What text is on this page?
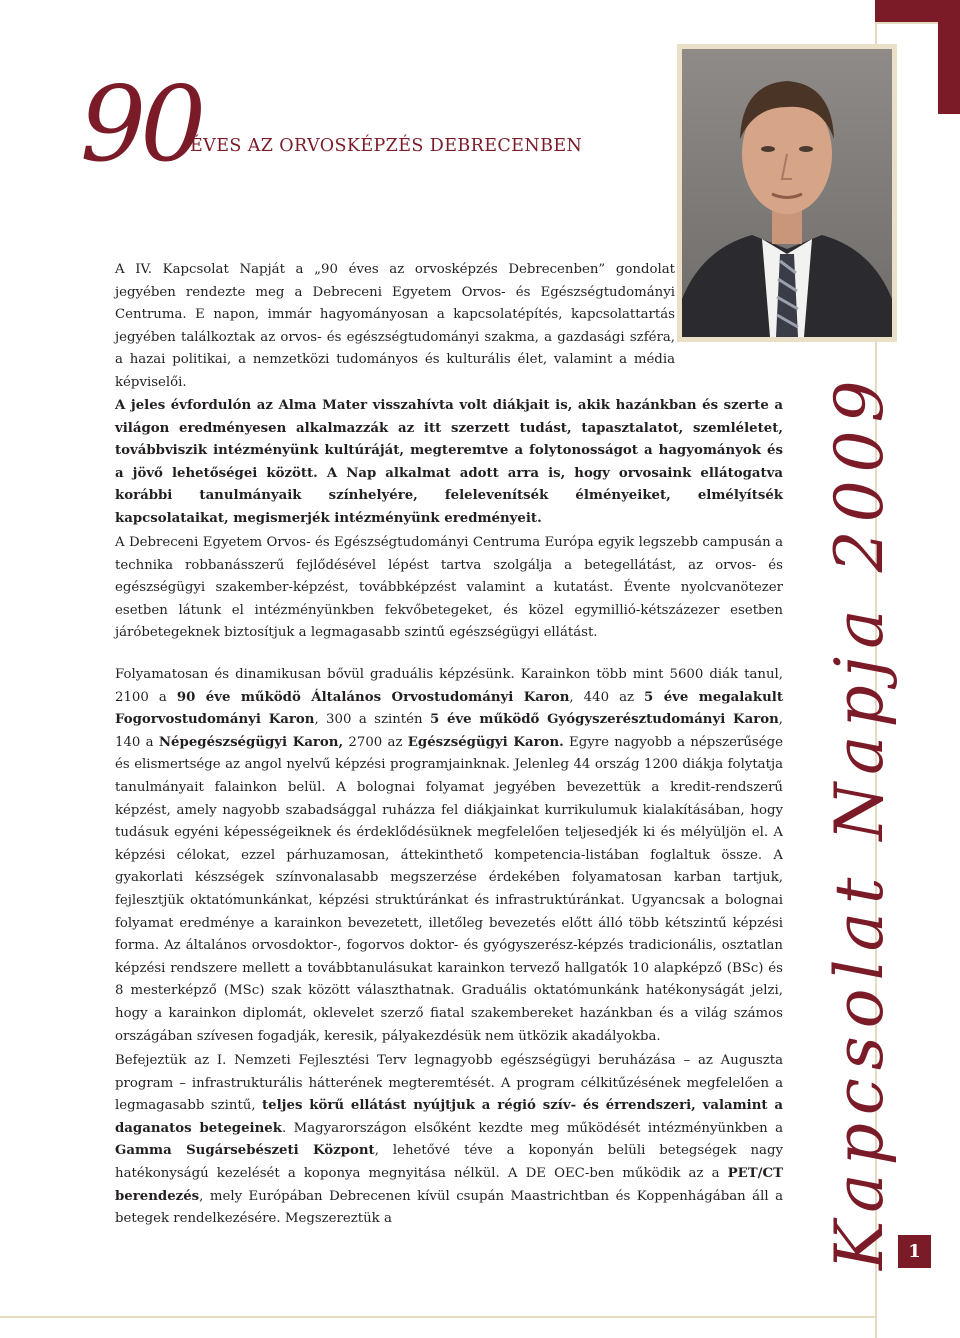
90
ÉVES AZ ORVOSKÉPZÉS DEBRECENBEN

A IV. Kapcsolat Napját a „90 éves az orvosképzés Debrecenben” gondolat jegyében rendezte meg a Debreceni Egyetem Orvos- és Egészségtudományi Centruma. E napon, immár hagyományosan a kapcsolatépítés, kapcsolattartás jegyében találkoztak az orvos- és egészségtudományi szakma, a gazdasági szféra, a hazai politikai, a nemzetközi tudományos és kulturális élet, valamint a média képviselői.

A jeles évfordulón az Alma Mater visszahívta volt diákjait is, akik hazánkban és szerte a világon eredményesen alkalmazzák az itt szerzett tudást, tapasztalatot, szemléletet, továbbviszik intézményünk kultúráját, megteremtve a folytonosságot a hagyományok és a jövő lehetőségei között. A Nap alkalmat adott arra is, hogy orvosaink ellátogatva korábbi tanulmányaik színhelyére, felelevenítsék élményeiket, elmélyítsék kapcsolataikat, megismerjék intézményünk eredményeit.

A Debreceni Egyetem Orvos- és Egészségtudományi Centruma Európa egyik legszebb campusán a technika robbanásszerű fejlődésével lépést tartva szolgálja a betegellátást, az orvos- és egészségügyi szakember-képzést, továbbképzést valamint a kutatást. Évente nyolcvanötezer esetben látunk el intézményünkben fekvőbetegeket, és közel egymillió-kétszázezer esetben járóbetegeknek biztosítjuk a legmagasabb szintű egészségügyi ellátást.

Folyamatosan és dinamikusan bővül graduális képzésünk. Karainkon több mint 5600 diák tanul, 2100 a 90 éve működö Általános Orvostudományi Karon, 440 az 5 éve megalakult Fogorvostudományi Karon, 300 a szintén 5 éve működő Gyógyszerésztudományi Karon, 140 a Népegészségügyi Karon, 2700 az Egészségügyi Karon. Egyre nagyobb a népszerűsége és elismertsége az angol nyelvű képzési programjainknak. Jelenleg 44 ország 1200 diákja folytatja tanulmányait falainkon belül. A bolognai folyamat jegyében bevezettük a kredit-rendszerű képzést, amely nagyobb szabadsággal ruházza fel diákjainkat kurrikulumuk kialakításában, hogy tudásuk egyéni képességeiknek és érdeklődésüknek megfelelően teljesedjék ki és mélyüljön el. A képzési célokat, ezzel párhuzamosan, áttekinthető kompetencia-listában foglaltuk össze. A gyakorlati készségek színvonalasabb megszerzése érdekében folyamatosan karban tartjuk, fejlesztjük oktatómunkánkat, képzési struktúránkat és infrastruktúránkat. Ugyancsak a bolognai folyamat eredménye a karainkon bevezetett, illetőleg bevezetés előtt álló több kétszintű képzési forma. Az általános orvosdoktor-, fogorvos doktor- és gyógyszerész-képzés tradicionális, osztatlan képzési rendszere mellett a továbbtanulásukat karainkon tervező hallgatók 10 alapképző (BSc) és 8 mesterképző (MSc) szak között választhatnak. Graduális oktatómunkánk hatékonyságát jelzi, hogy a karainkon diplomát, oklevelet szerző fiatal szakembereket hazánkban és a világ számos országában szívesen fogadják, keresik, pályakezdésük nem ütközik akadályokba.

Befejeztük az I. Nemzeti Fejlesztési Terv legnagyobb egészségügyi beruházása – az Auguszta program – infrastrukturális hátterének megteremtését. A program célkitűzésének megfelelően a legmagasabb szintű, teljes körű ellátást nyújtjuk a régió szív- és érrendszeri, valamint a daganatos betegeinek. Magyarországon elsőként kezdte meg működését intézményünkben a Gamma Sugársebészeti Központ, lehetővé téve a koponyán belüli betegségek nagy hatékonyságú kezelését a koponya megnyitása nélkül. A DE OEC-ben működik az a PET/CT berendezés, mely Európában Debrecenen kívül csupán Maastrichtban és Koppenhágában áll a betegek rendelkezésére. Megszereztük a	Kapcsolat Napja 2009 1
